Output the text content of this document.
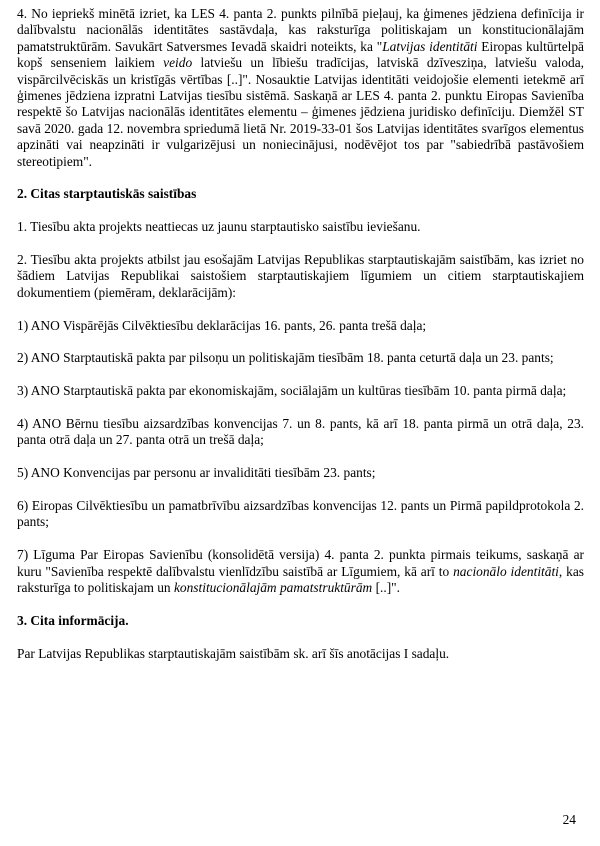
4. No iepriekš minētā izriet, ka LES 4. panta 2. punkts pilnībā pieļauj, ka ģimenes jēdziena definīcija ir dalībvalstu nacionālās identitātes sastāvdaļa, kas raksturīga politiskajam un konstitucionālajām pamatstruktūrām. Savukārt Satversmes Ievadā skaidri noteikts, ka "Latvijas identitāti Eiropas kultūrtelpā kopš senseniem laikiem veido latviešu un lībiešu tradīcijas, latviskā dzīvesziņa, latviešu valoda, vispārcilvēciskās un kristīgās vērtības [..]". Nosauktie Latvijas identitāti veidojošie elementi ietekmē arī ģimenes jēdziena izpratni Latvijas tiesību sistēmā. Saskaņā ar LES 4. panta 2. punktu Eiropas Savienība respektē šo Latvijas nacionālās identitātes elementu – ģimenes jēdziena juridisko definīciju. Diemžēl ST savā 2020. gada 12. novembra spriedumā lietā Nr. 2019-33-01 šos Latvijas identitātes svarīgos elementus apzināti vai neapzināti ir vulgarizējusi un noniecinājusi, nodēvējot tos par "sabiedrībā pastāvošiem stereotipiem".

2. Citas starptautiskās saistības

1. Tiesību akta projekts neattiecas uz jaunu starptautisko saistību ieviešanu.

2. Tiesību akta projekts atbilst jau esošajām Latvijas Republikas starptautiskajām saistībām, kas izriet no šādiem Latvijas Republikai saistošiem starptautiskajiem līgumiem un citiem starptautiskajiem dokumentiem (piemēram, deklarācijām):

1) ANO Vispārējās Cilvēktiesību deklarācijas 16. pants, 26. panta trešā daļa;

2) ANO Starptautiskā pakta par pilsoņu un politiskajām tiesībām 18. panta ceturtā daļa un 23. pants;

3) ANO Starptautiskā pakta par ekonomiskajām, sociālajām un kultūras tiesībām 10. panta pirmā daļa;

4) ANO Bērnu tiesību aizsardzības konvencijas 7. un 8. pants, kā arī 18. panta pirmā un otrā daļa, 23. panta otrā daļa un 27. panta otrā un trešā daļa;

5) ANO Konvencijas par personu ar invaliditāti tiesībām 23. pants;

6) Eiropas Cilvēktiesību un pamatbrīvību aizsardzības konvencijas 12. pants un Pirmā papildprotokola 2. pants;

7) Līguma Par Eiropas Savienību (konsolidētā versija) 4. panta 2. punkta pirmais teikums, saskaņā ar kuru "Savienība respektē dalībvalstu vienlīdzību saistībā ar Līgumiem, kā arī to nacionālo identitāti, kas raksturīga to politiskajam un konstitucionālajām pamatstruktūrām [..]".

3. Cita informācija.

Par Latvijas Republikas starptautiskajām saistībām sk. arī šīs anotācijas I sadaļu.

24
